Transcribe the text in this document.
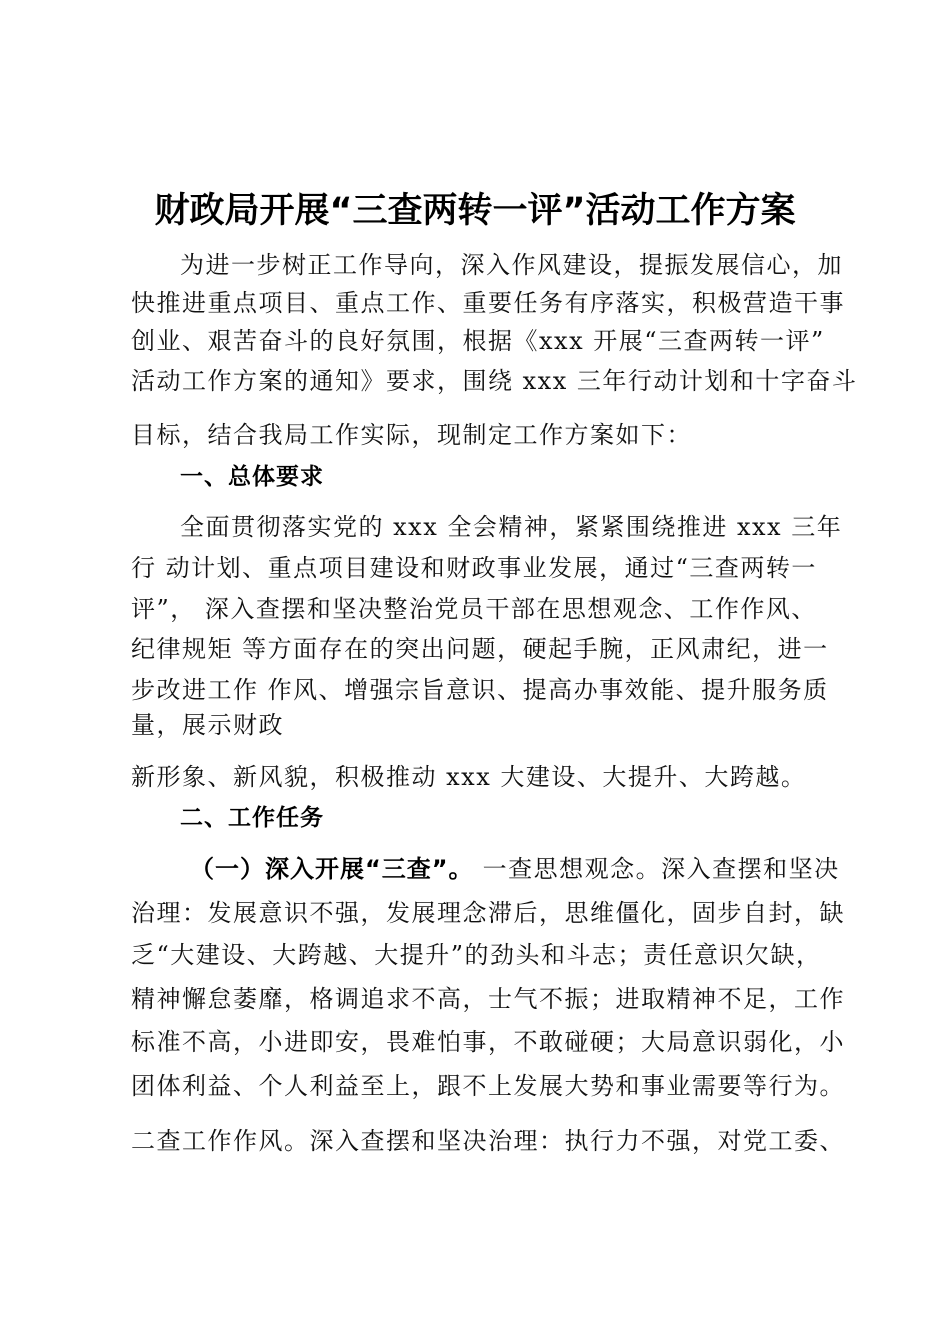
财政局开展“三查两转一评”活动工作方案
为进一步树正工作导向，深入作风建设，提振发展信心，加
快推进重点项目、重点工作、重要任务有序落实，积极营造干事
创业、艰苦奋斗的良好氛围，根据《xxx 开展“三查两转一评”
活动工作方案的通知》要求，围绕 xxx 三年行动计划和十字奋斗
目标，结合我局工作实际，现制定工作方案如下：
一、总体要求
全面贯彻落实党的 xxx 全会精神，紧紧围绕推进 xxx 三年
行 动计划、重点项目建设和财政事业发展，通过“三查两转一
评”， 深入查摆和坚决整治党员干部在思想观念、工作作风、
纪律规矩 等方面存在的突出问题，硬起手腕，正风肃纪，进一
步改进工作 作风、增强宗旨意识、提高办事效能、提升服务质
量，展示财政
新形象、新风貌，积极推动 xxx 大建设、大提升、大跨越。
二、工作任务
（一）深入开展“三查”。 一查思想观念。深入查摆和坚决
治理：发展意识不强，发展理念滞后，思维僵化，固步自封，缺
乏“大建设、大跨越、大提升”的劲头和斗志；责任意识欠缺，
精神懈怠萎靡，格调追求不高，士气不振；进取精神不足，工作
标准不高，小进即安，畏难怕事，不敢碰硬；大局意识弱化，小
团体利益、个人利益至上，跟不上发展大势和事业需要等行为。
二查工作作风。深入查摆和坚决治理：执行力不强，对党工委、
